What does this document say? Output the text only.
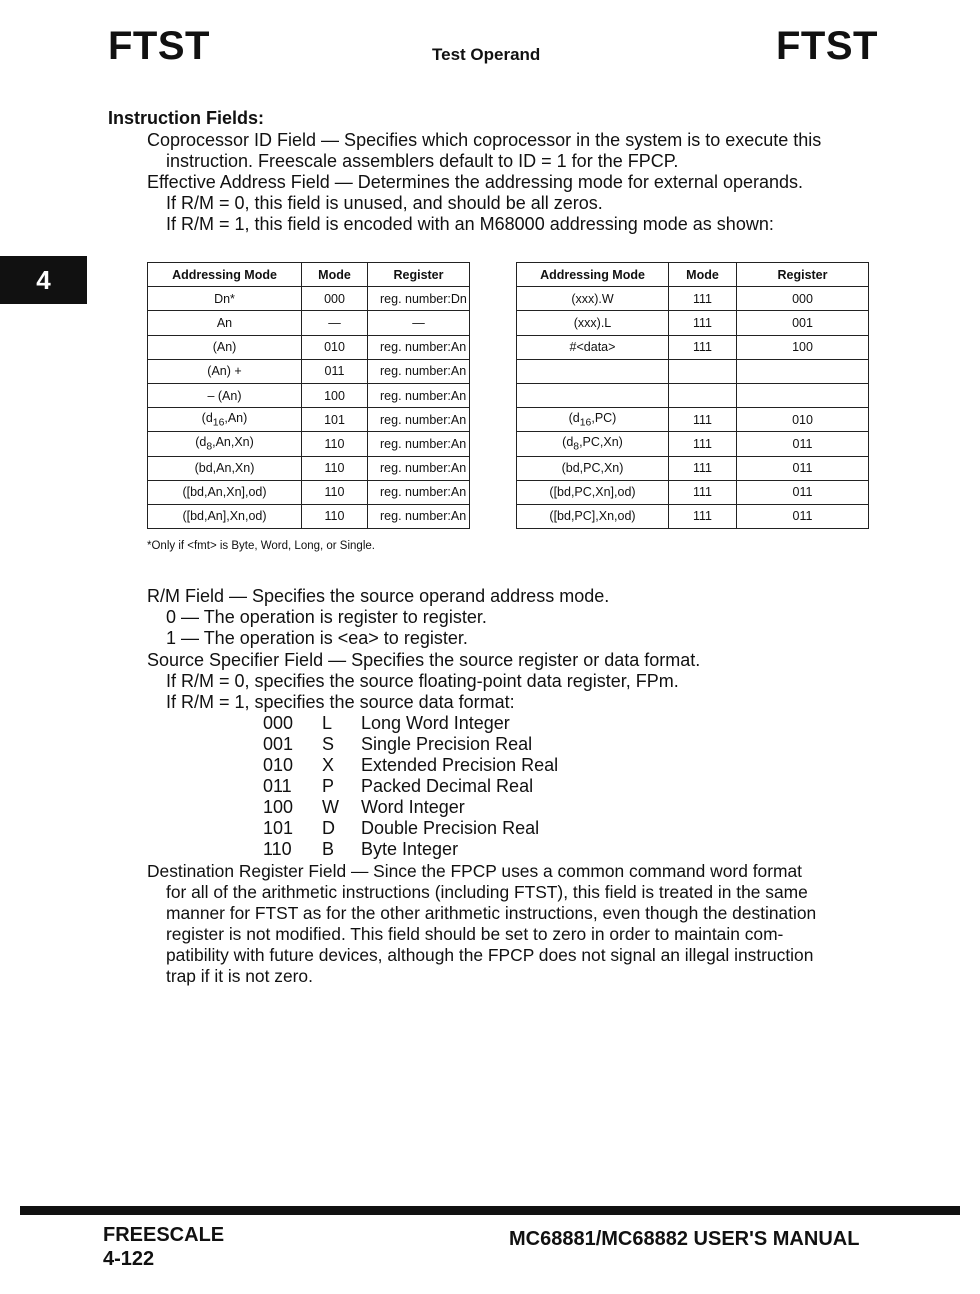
FTST	Test Operand	FTST
4
Instruction Fields:
Coprocessor ID Field — Specifies which coprocessor in the system is to execute this
instruction. Freescale assemblers default to ID = 1 for the FPCP.
Effective Address Field — Determines the addressing mode for external operands.
If R/M = 0, this field is unused, and should be all zeros.
If R/M = 1, this field is encoded with an M68000 addressing mode as shown:
Addressing Mode	Mode	Register
Dn*	000	reg. number:Dn
An	—	—
(An)	010	reg. number:An
(An) +	011	reg. number:An
– (An)	100	reg. number:An
$(d_{16},An)$	101	reg. number:An
$(d_8,An,Xn)$	110	reg. number:An
(bd,An,Xn)	110	reg. number:An
([bd,An,Xn],od)	110	reg. number:An
([bd,An],Xn,od)	110	reg. number:An
Addressing Mode	Mode	Register
(xxx).W	111	000
(xxx).L	111	001
#<data>	111	100

$(d_{16},PC)$	111	010
$(d_8,PC,Xn)$	111	011
(bd,PC,Xn)	111	011
([bd,PC,Xn],od)	111	011
([bd,PC],Xn,od)	111	011
*Only if <fmt> is Byte, Word, Long, or Single.
R/M Field — Specifies the source operand address mode.
0 — The operation is register to register.
1 — The operation is <ea> to register.
Source Specifier Field — Specifies the source register or data format.
If R/M = 0, specifies the source floating-point data register, FPm.
If R/M = 1, specifies the source data format:
000 L Long Word Integer
001 S Single Precision Real
010 X Extended Precision Real
011 P Packed Decimal Real
100 W Word Integer
101 D Double Precision Real
110 B Byte Integer
Destination Register Field — Since the FPCP uses a common command word format
for all of the arithmetic instructions (including FTST), this field is treated in the same
manner for FTST as for the other arithmetic instructions, even though the destination
register is not modified. This field should be set to zero in order to maintain com-
patibility with future devices, although the FPCP does not signal an illegal instruction
trap if it is not zero.
FREESCALE
4-122
MC68881/MC68882 USER'S MANUAL
